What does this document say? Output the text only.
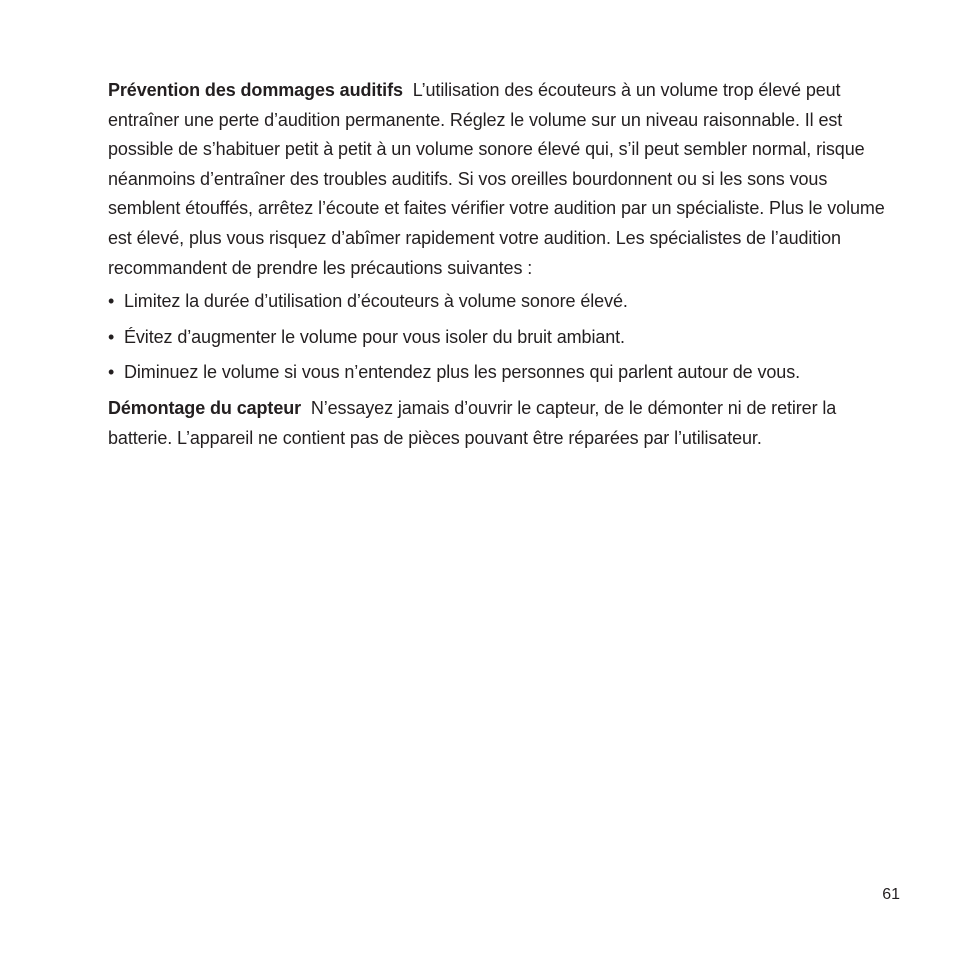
Prévention des dommages auditifs L’utilisation des écouteurs à un volume trop élevé peut entraîner une perte d’audition permanente. Réglez le volume sur un niveau raisonnable. Il est possible de s’habituer petit à petit à un volume sonore élevé qui, s’il peut sembler normal, risque néanmoins d’entraîner des troubles auditifs. Si vos oreilles bourdonnent ou si les sons vous semblent étouffés, arrêtez l’écoute et faites vérifier votre audition par un spécialiste. Plus le volume est élevé, plus vous risquez d’abîmer rapidement votre audition. Les spécialistes de l’audition recommandent de prendre les précautions suivantes :

• Limitez la durée d’utilisation d’écouteurs à volume sonore élevé.
• Évitez d’augmenter le volume pour vous isoler du bruit ambiant.
• Diminuez le volume si vous n’entendez plus les personnes qui parlent autour de vous.

Démontage du capteur N’essayez jamais d’ouvrir le capteur, de le démonter ni de retirer la batterie. L’appareil ne contient pas de pièces pouvant être réparées par l’utilisateur.

61
